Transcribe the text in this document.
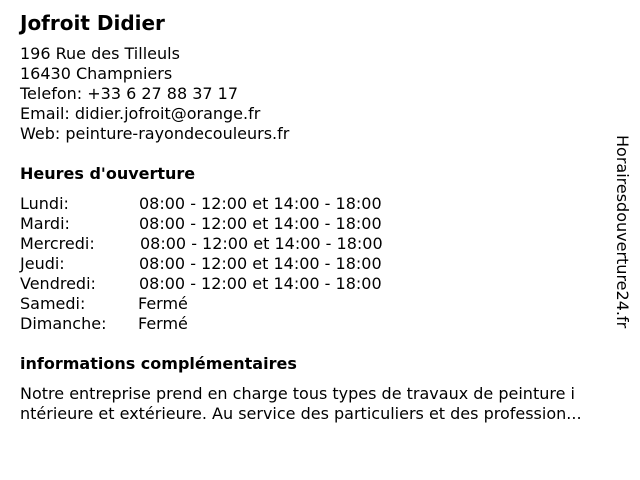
Jofroit Didier
196 Rue des Tilleuls
16430 Champniers
Telefon: +33 6 27 88 37 17
Email: didier.jofroit@orange.fr
Web: peinture-rayondecouleurs.fr
Heures d'ouverture
Lundi:	08:00 - 12:00 et 14:00 - 18:00
Mardi:	08:00 - 12:00 et 14:00 - 18:00
Mercredi:	08:00 - 12:00 et 14:00 - 18:00
Jeudi:	08:00 - 12:00 et 14:00 - 18:00
Vendredi:	08:00 - 12:00 et 14:00 - 18:00
Samedi:	Fermé
Dimanche: Fermé
informations complémentaires
Notre entreprise prend en charge tous types de travaux de peinture i
ntérieure et extérieure. Au service des particuliers et des profession...
Horairesdouverture24.fr
